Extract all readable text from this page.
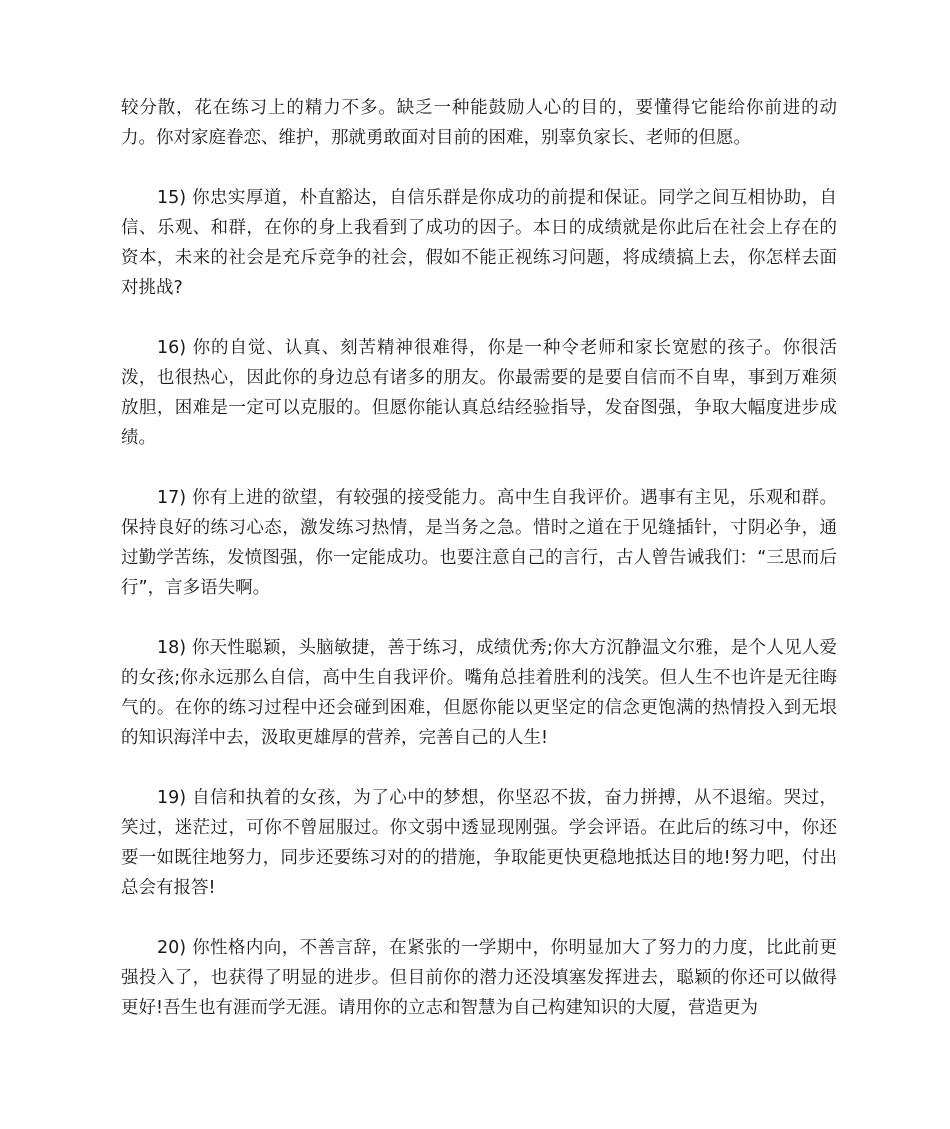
较分散，花在练习上的精力不多。缺乏一种能鼓励人心的目的，要懂得它能给你前进的动力。你对家庭眷恋、维护，那就勇敢面对目前的困难，别辜负家长、老师的但愿。

15) 你忠实厚道，朴直豁达，自信乐群是你成功的前提和保证。同学之间互相协助，自信、乐观、和群，在你的身上我看到了成功的因子。本日的成绩就是你此后在社会上存在的资本，未来的社会是充斥竞争的社会，假如不能正视练习问题，将成绩搞上去，你怎样去面对挑战?

16) 你的自觉、认真、刻苦精神很难得，你是一种令老师和家长宽慰的孩子。你很活泼，也很热心，因此你的身边总有诸多的朋友。你最需要的是要自信而不自卑，事到万难须放胆，困难是一定可以克服的。但愿你能认真总结经验指导，发奋图强，争取大幅度进步成绩。

17) 你有上进的欲望，有较强的接受能力。高中生自我评价。遇事有主见，乐观和群。保持良好的练习心态，激发练习热情，是当务之急。惜时之道在于见缝插针，寸阴必争，通过勤学苦练，发愤图强，你一定能成功。也要注意自己的言行，古人曾告诫我们：“三思而后行”，言多语失啊。

18) 你天性聪颖，头脑敏捷，善于练习，成绩优秀;你大方沉静温文尔雅，是个人见人爱的女孩;你永远那么自信，高中生自我评价。嘴角总挂着胜利的浅笑。但人生不也许是无往晦气的。在你的练习过程中还会碰到困难，但愿你能以更坚定的信念更饱满的热情投入到无垠的知识海洋中去，汲取更雄厚的营养，完善自己的人生!

19) 自信和执着的女孩，为了心中的梦想，你坚忍不拔，奋力拼搏，从不退缩。哭过，笑过，迷茫过，可你不曾屈服过。你文弱中透显现刚强。学会评语。在此后的练习中，你还要一如既往地努力，同步还要练习对的的措施，争取能更快更稳地抵达目的地!努力吧，付出总会有报答!

20) 你性格内向，不善言辞，在紧张的一学期中，你明显加大了努力的力度，比此前更强投入了，也获得了明显的进步。但目前你的潜力还没填塞发挥进去，聪颖的你还可以做得更好!吾生也有涯而学无涯。请用你的立志和智慧为自己构建知识的大厦，营造更为
